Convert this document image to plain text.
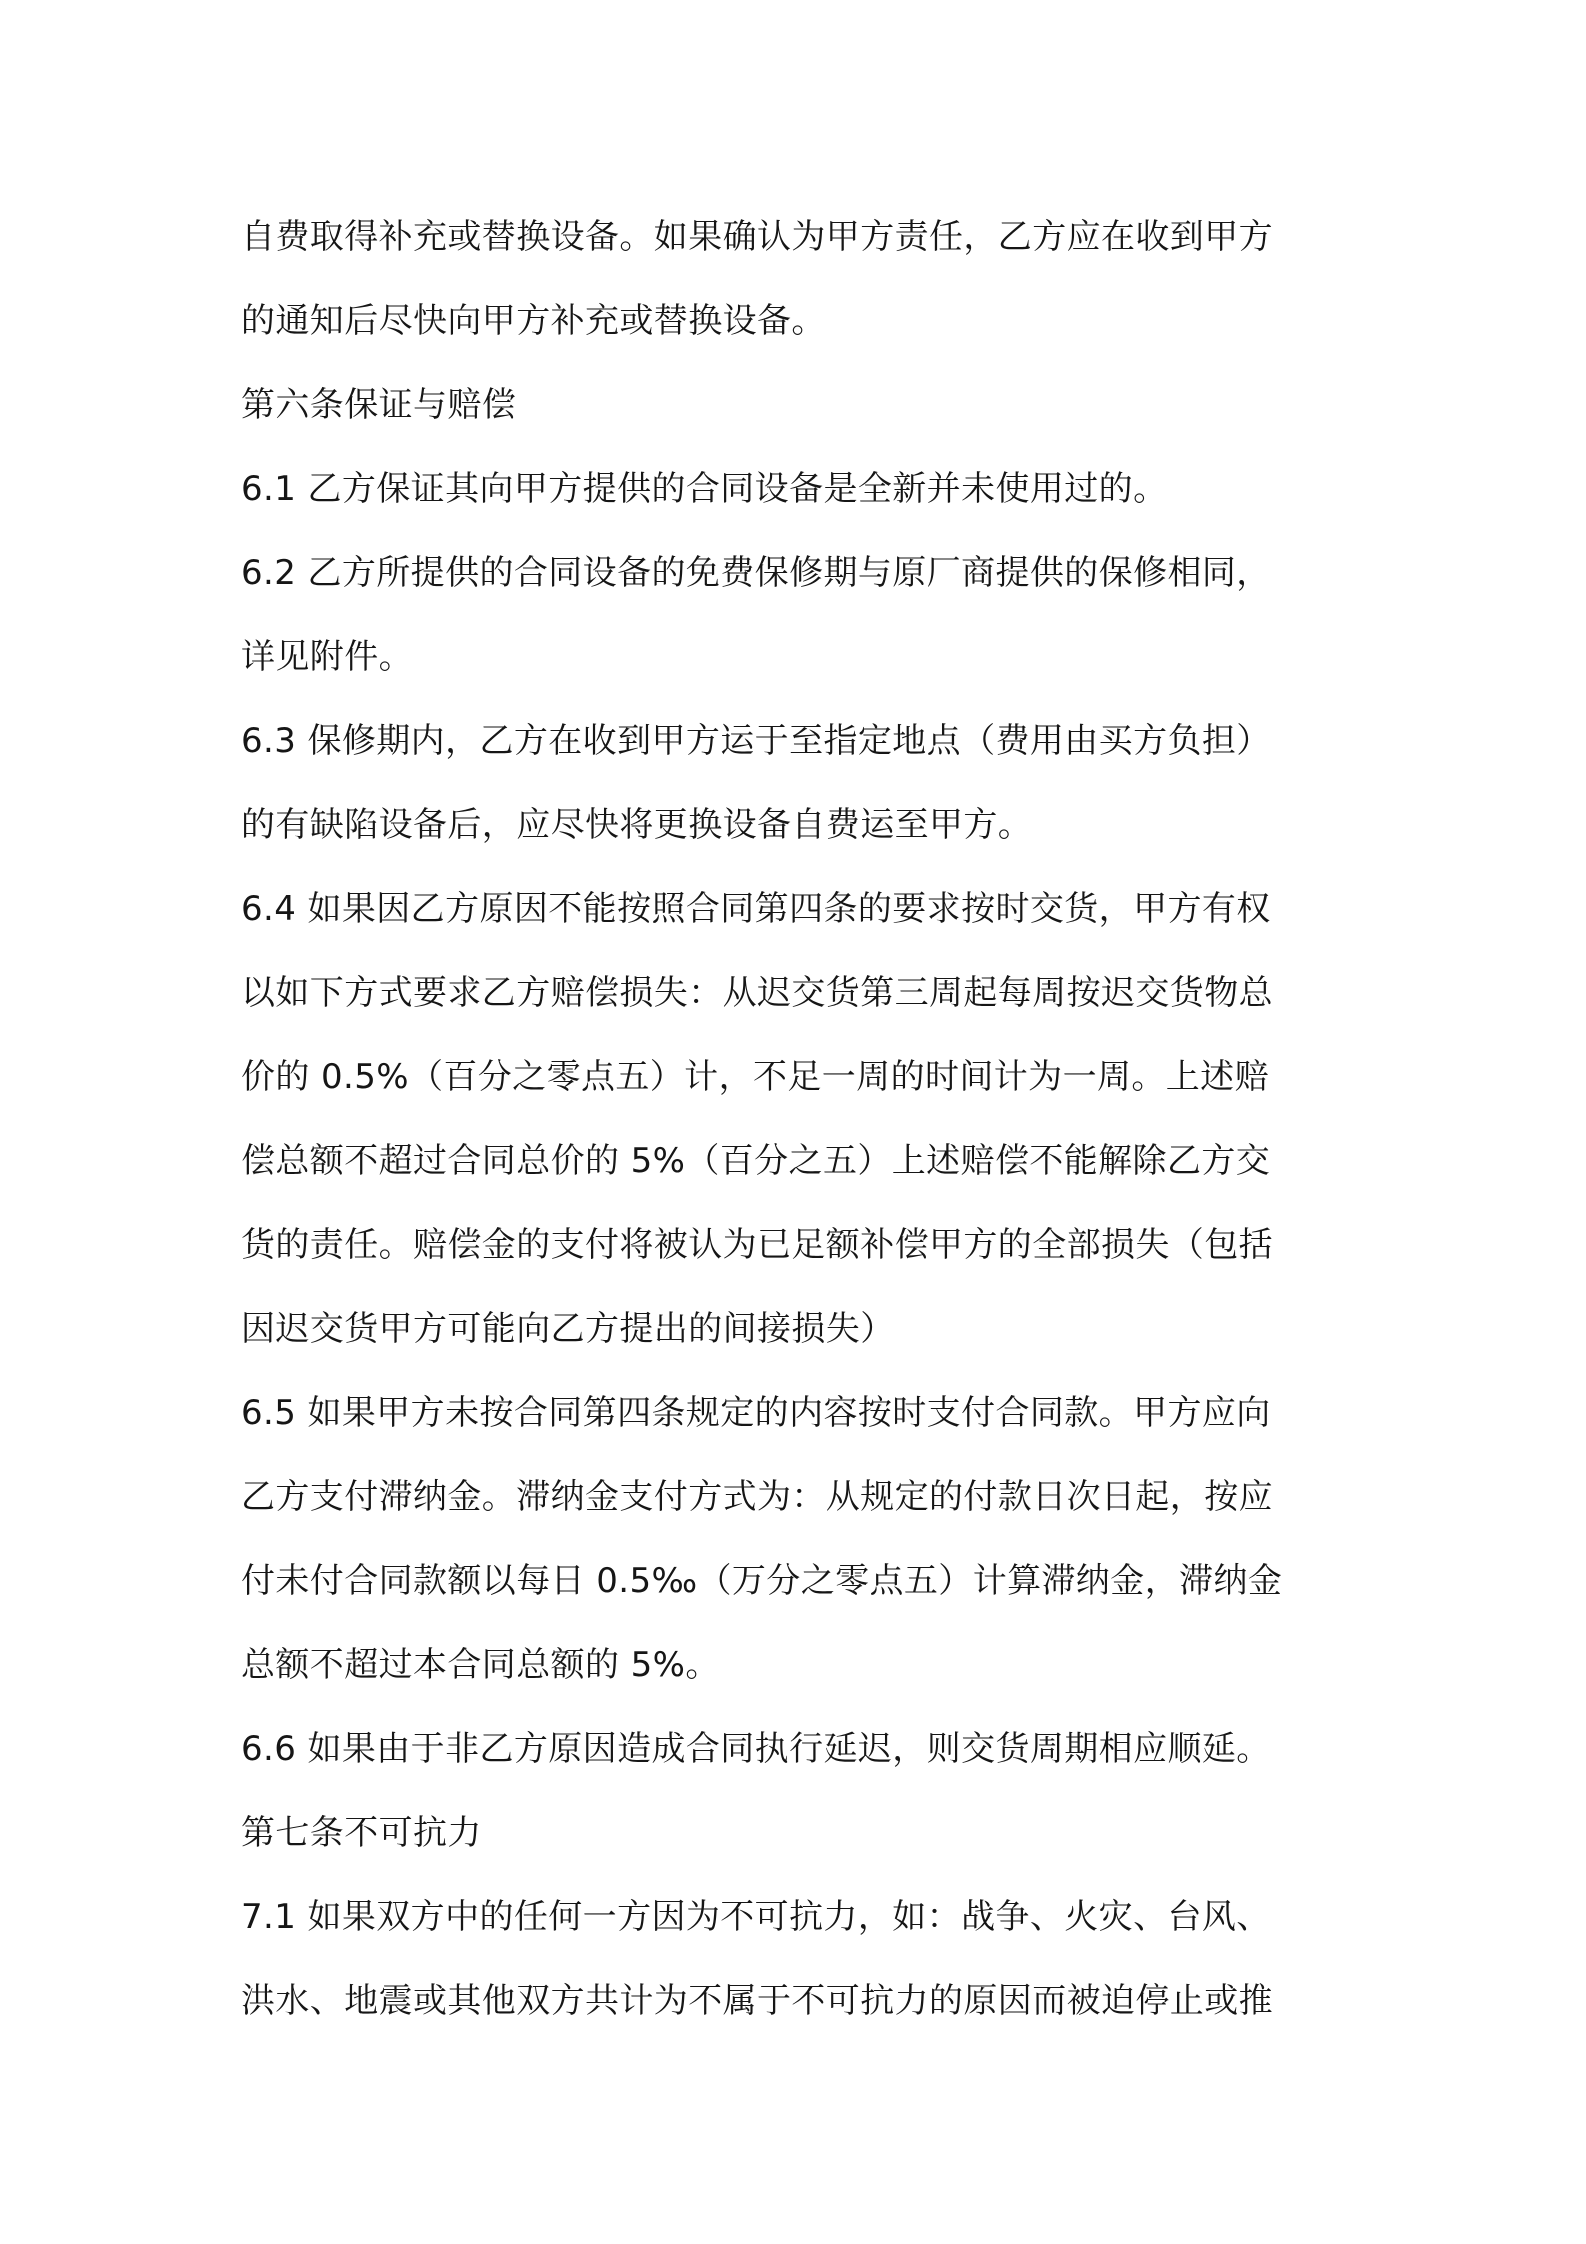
自费取得补充或替换设备。如果确认为甲方责任，乙方应在收到甲方
的通知后尽快向甲方补充或替换设备。
第六条保证与赔偿
6.1 乙方保证其向甲方提供的合同设备是全新并未使用过的。
6.2 乙方所提供的合同设备的免费保修期与原厂商提供的保修相同，
详见附件。
6.3 保修期内，乙方在收到甲方运于至指定地点（费用由买方负担）
的有缺陷设备后，应尽快将更换设备自费运至甲方。
6.4 如果因乙方原因不能按照合同第四条的要求按时交货，甲方有权
以如下方式要求乙方赔偿损失：从迟交货第三周起每周按迟交货物总
价的 0.5%（百分之零点五）计，不足一周的时间计为一周。上述赔
偿总额不超过合同总价的 5%（百分之五）上述赔偿不能解除乙方交
货的责任。赔偿金的支付将被认为已足额补偿甲方的全部损失（包括
因迟交货甲方可能向乙方提出的间接损失）
6.5 如果甲方未按合同第四条规定的内容按时支付合同款。甲方应向
乙方支付滞纳金。滞纳金支付方式为：从规定的付款日次日起，按应
付未付合同款额以每日 0.5‰（万分之零点五）计算滞纳金，滞纳金
总额不超过本合同总额的 5%。
6.6 如果由于非乙方原因造成合同执行延迟，则交货周期相应顺延。
第七条不可抗力
7.1 如果双方中的任何一方因为不可抗力，如：战争、火灾、台风、
洪水、地震或其他双方共计为不属于不可抗力的原因而被迫停止或推
